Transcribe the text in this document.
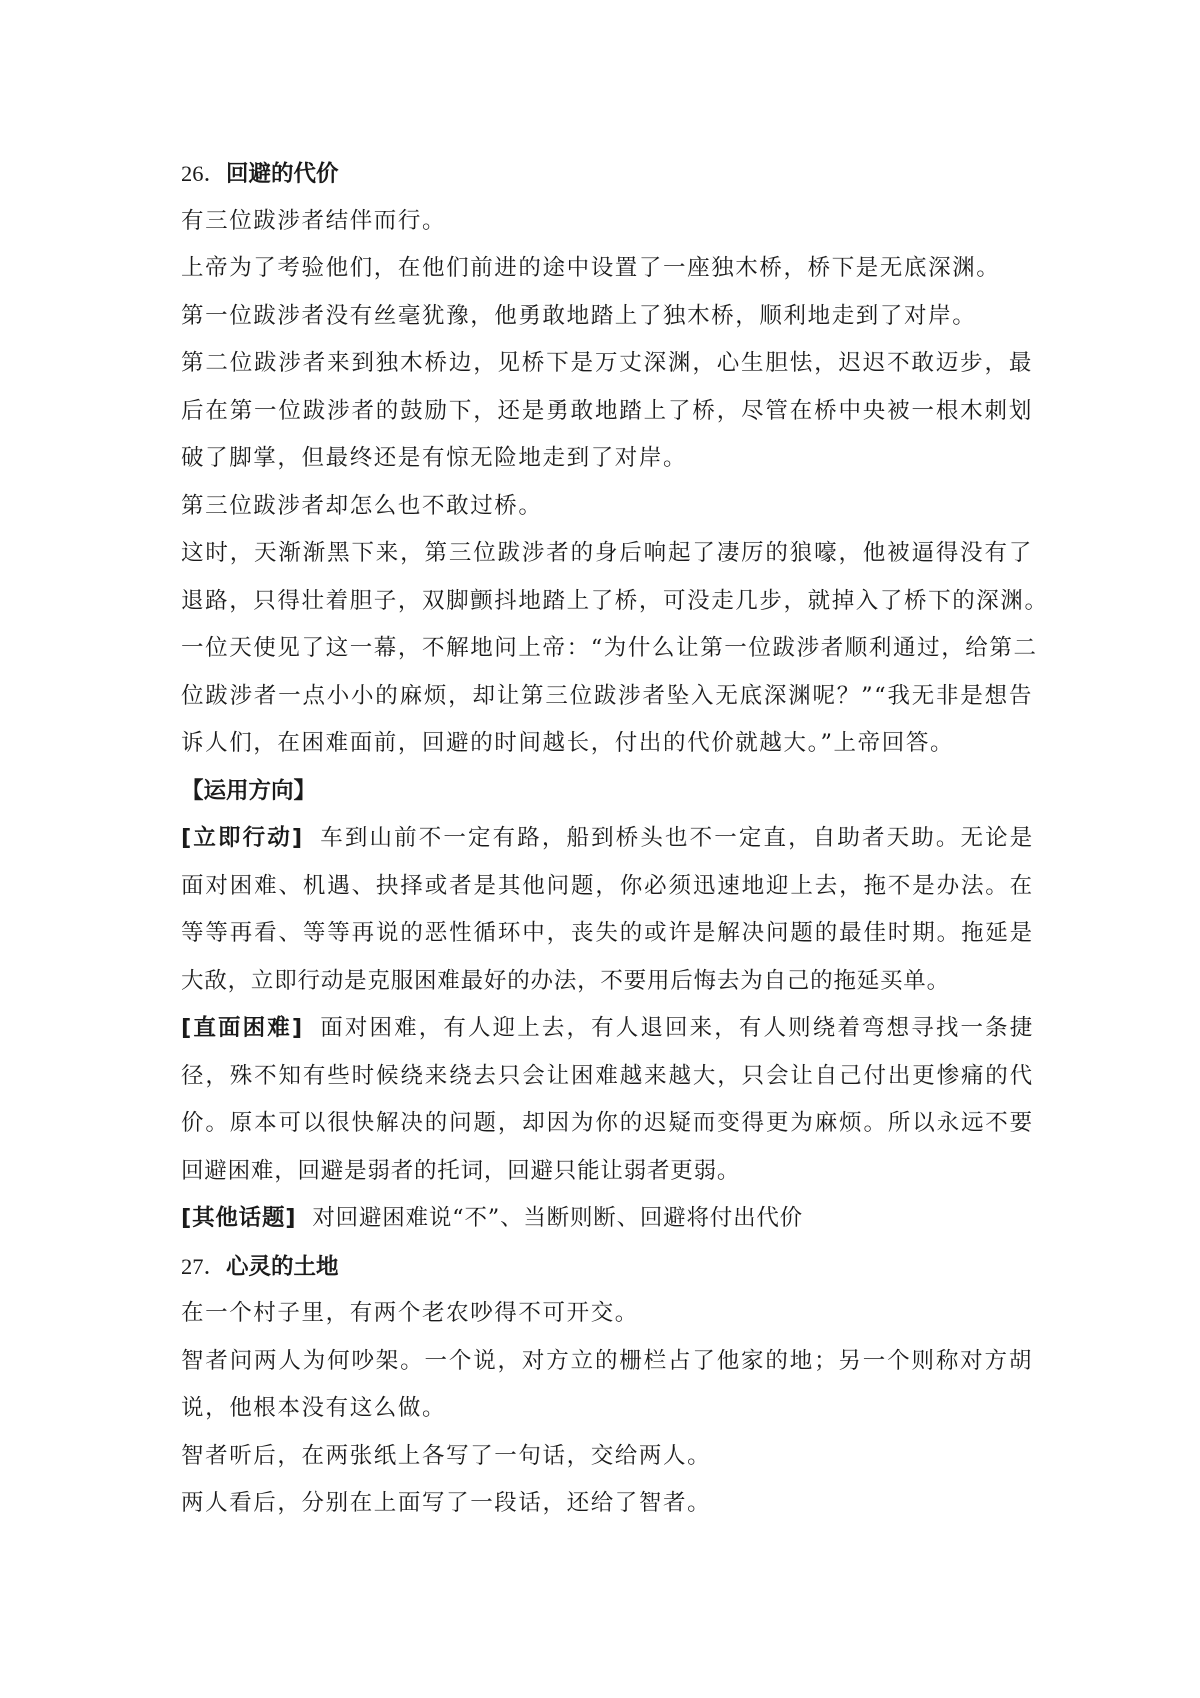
26．回避的代价

有三位跋涉者结伴而行。

上帝为了考验他们，在他们前进的途中设置了一座独木桥，桥下是无底深渊。

第一位跋涉者没有丝毫犹豫，他勇敢地踏上了独木桥，顺利地走到了对岸。

第二位跋涉者来到独木桥边，见桥下是万丈深渊，心生胆怯，迟迟不敢迈步，最

后在第一位跋涉者的鼓励下，还是勇敢地踏上了桥，尽管在桥中央被一根木刺划

破了脚掌，但最终还是有惊无险地走到了对岸。

第三位跋涉者却怎么也不敢过桥。

这时，天渐渐黑下来，第三位跋涉者的身后响起了凄厉的狼嚎，他被逼得没有了

退路，只得壮着胆子，双脚颤抖地踏上了桥，可没走几步，就掉入了桥下的深渊。

一位天使见了这一幕，不解地问上帝：“为什么让第一位跋涉者顺利通过，给第二

位跋涉者一点小小的麻烦，却让第三位跋涉者坠入无底深渊呢？”“我无非是想告

诉人们，在困难面前，回避的时间越长，付出的代价就越大。”上帝回答。

【运用方向】

[立即行动] 车到山前不一定有路，船到桥头也不一定直，自助者天助。无论是

面对困难、机遇、抉择或者是其他问题，你必须迅速地迎上去，拖不是办法。在

等等再看、等等再说的恶性循环中，丧失的或许是解决问题的最佳时期。拖延是

大敌，立即行动是克服困难最好的办法，不要用后悔去为自己的拖延买单。

[直面困难] 面对困难，有人迎上去，有人退回来，有人则绕着弯想寻找一条捷

径，殊不知有些时候绕来绕去只会让困难越来越大，只会让自己付出更惨痛的代

价。原本可以很快解决的问题，却因为你的迟疑而变得更为麻烦。所以永远不要

回避困难，回避是弱者的托词，回避只能让弱者更弱。

[其他话题] 对回避困难说“不”、当断则断、回避将付出代价

27．心灵的土地

在一个村子里，有两个老农吵得不可开交。

智者问两人为何吵架。一个说，对方立的栅栏占了他家的地；另一个则称对方胡

说，他根本没有这么做。

智者听后，在两张纸上各写了一句话，交给两人。

两人看后，分别在上面写了一段话，还给了智者。
